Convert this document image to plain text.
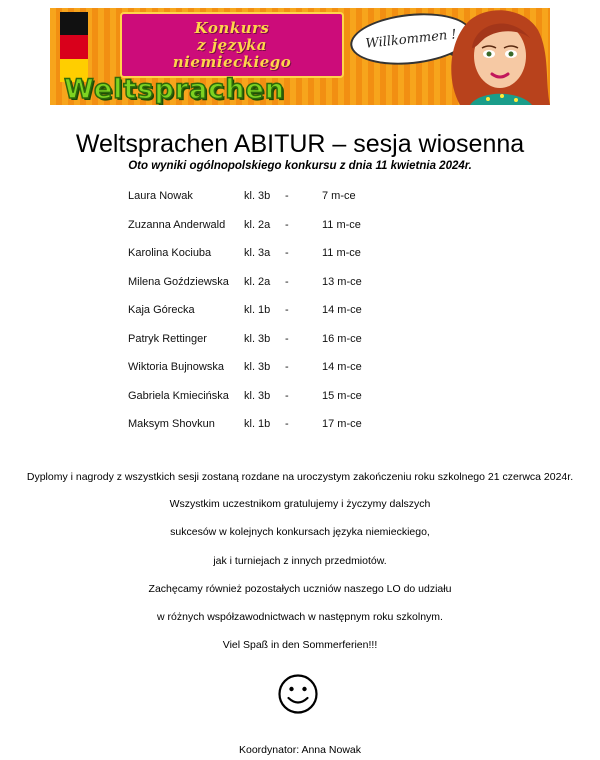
Konkurs
z języka
niemieckiego
Willkommen !
Weltsprachen
Weltsprachen ABITUR – sesja wiosenna
Oto wyniki ogólnopolskiego konkursu z dnia 11 kwietnia 2024r.
Laura Nowak	kl. 3b -	7 m-ce
Zuzanna Anderwald kl. 2a -	11 m-ce
Karolina Kociuba	kl. 3a -	11 m-ce
Milena Goździewska kl. 2a -	13 m-ce
Kaja Górecka	kl. 1b -	14 m-ce
Patryk Rettinger	kl. 3b -	16 m-ce
Wiktoria Bujnowska kl. 3b -	14 m-ce
Gabriela Kmiecińska kl. 3b -	15 m-ce
Maksym Shovkun	kl. 1b -	17 m-ce
Dyplomy i nagrody z wszystkich sesji zostaną rozdane na uroczystym zakończeniu roku szkolnego 21 czerwca 2024r.
Wszystkim uczestnikom gratulujemy i życzymy dalszych
sukcesów w kolejnych konkursach języka niemieckiego,
jak i turniejach z innych przedmiotów.
Zachęcamy również pozostałych uczniów naszego LO do udziału
w różnych współzawodnictwach w następnym roku szkolnym.
Viel Spaß in den Sommerferien!!!
Koordynator: Anna Nowak
